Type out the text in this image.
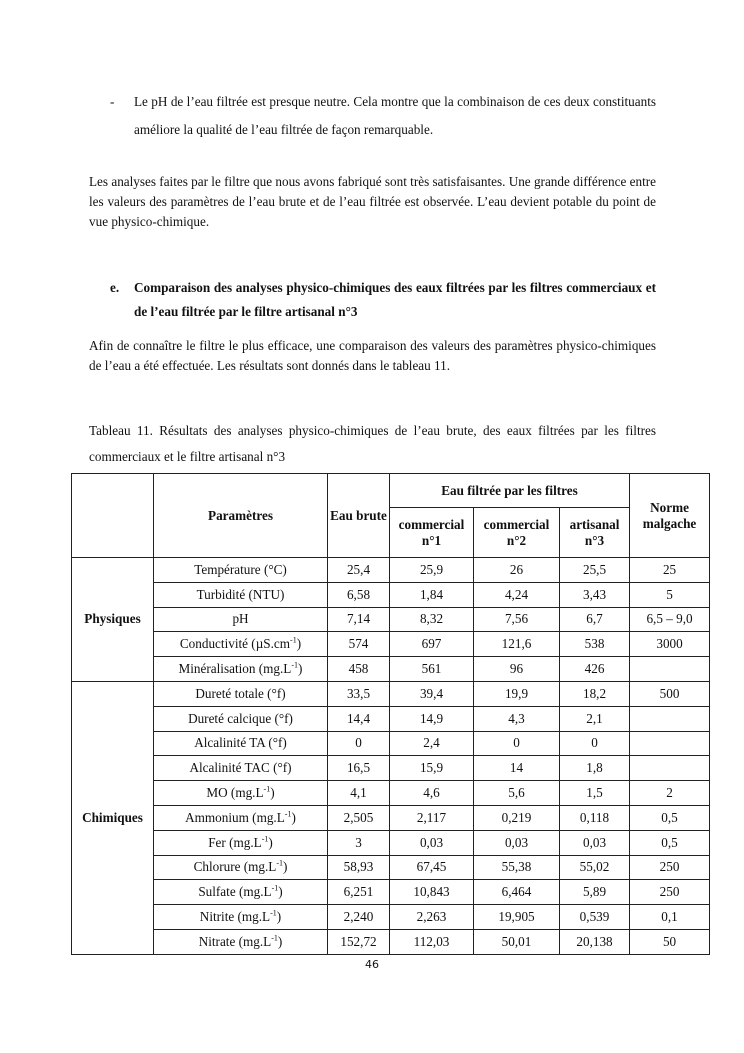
- Le pH de l’eau filtrée est presque neutre. Cela montre que la combinaison de ces deux constituants améliore la qualité de l’eau filtrée de façon remarquable.

Les analyses faites par le filtre que nous avons fabriqué sont très satisfaisantes. Une grande différence entre les valeurs des paramètres de l’eau brute et de l’eau filtrée est observée. L’eau devient potable du point de vue physico-chimique.

e. Comparaison des analyses physico-chimiques des eaux filtrées par les filtres commerciaux et de l’eau filtrée par le filtre artisanal n°3

Afin de connaître le filtre le plus efficace, une comparaison des valeurs des paramètres physico-chimiques de l’eau a été effectuée. Les résultats sont donnés dans le tableau 11.

Tableau 11. Résultats des analyses physico-chimiques de l’eau brute, des eaux filtrées par les filtres commerciaux et le filtre artisanal n°3
	Paramètres	Eau brute	Eau filtrée par les filtres			Norme malgache
			commercial n°1	commercial n°2	artisanal n°3	
Physiques	Température (°C)	25,4	25,9	26	25,5	25
	Turbidité (NTU)	6,58	1,84	4,24	3,43	5
	pH	7,14	8,32	7,56	6,7	6,5 – 9,0
	Conductivité $(\mu S.cm^{-1})$	574	697	121,6	538	3000
	Minéralisation $(mg.L^{-1})$	458	561	96	426	
Chimiques	Dureté totale (°f)	33,5	39,4	19,9	18,2	500
	Dureté calcique (°f)	14,4	14,9	4,3	2,1	
	Alcalinité TA (°f)	0	2,4	0	0	
	Alcalinité TAC (°f)	16,5	15,9	14	1,8	
	MO $(mg.L^{-1})$	4,1	4,6	5,6	1,5	2
	Ammonium $(mg.L^{-1})$	2,505	2,117	0,219	0,118	0,5
	Fer $(mg.L^{-1})$	3	0,03	0,03	0,03	0,5
	Chlorure $(mg.L^{-1})$	58,93	67,45	55,38	55,02	250
	Sulfate $(mg.L^{-1})$	6,251	10,843	6,464	5,89	250
	Nitrite $(mg.L^{-1})$	2,240	2,263	19,905	0,539	0,1
	Nitrate $(mg.L^{-1})$	152,72	112,03	50,01	20,138	50
46
